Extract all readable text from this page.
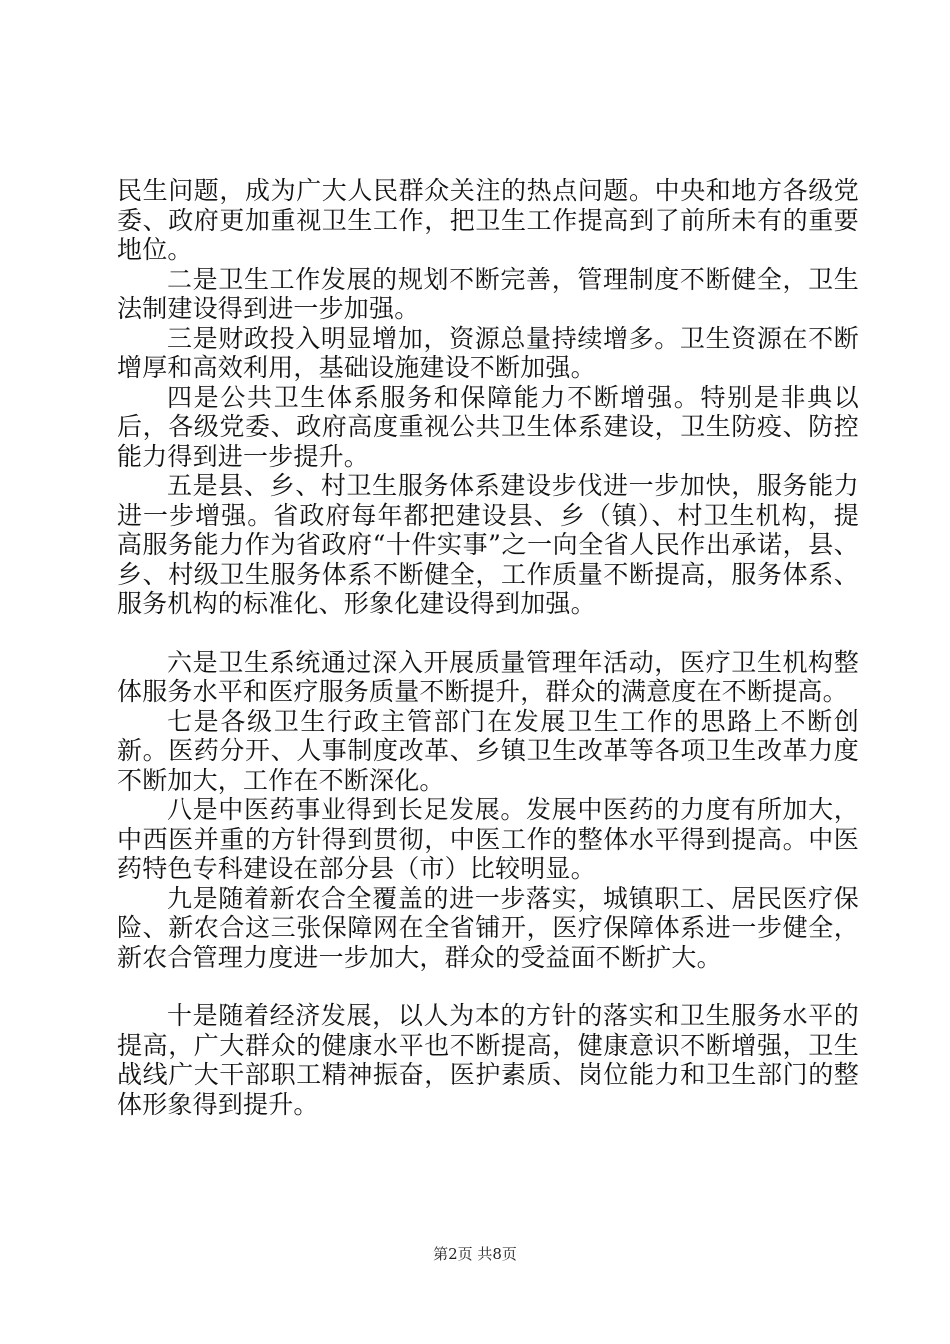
民生问题，成为广大人民群众关注的热点问题。中央和地方各级党委、政府更加重视卫生工作，把卫生工作提高到了前所未有的重要地位。

二是卫生工作发展的规划不断完善，管理制度不断健全，卫生法制建设得到进一步加强。

三是财政投入明显增加，资源总量持续增多。卫生资源在不断增厚和高效利用，基础设施建设不断加强。

四是公共卫生体系服务和保障能力不断增强。特别是非典以后，各级党委、政府高度重视公共卫生体系建设，卫生防疫、防控能力得到进一步提升。

五是县、乡、村卫生服务体系建设步伐进一步加快，服务能力进一步增强。省政府每年都把建设县、乡（镇）、村卫生机构，提高服务能力作为省政府“十件实事”之一向全省人民作出承诺，县、乡、村级卫生服务体系不断健全，工作质量不断提高，服务体系、服务机构的标准化、形象化建设得到加强。

六是卫生系统通过深入开展质量管理年活动，医疗卫生机构整体服务水平和医疗服务质量不断提升，群众的满意度在不断提高。

七是各级卫生行政主管部门在发展卫生工作的思路上不断创新。医药分开、人事制度改革、乡镇卫生改革等各项卫生改革力度不断加大，工作在不断深化。

八是中医药事业得到长足发展。发展中医药的力度有所加大，中西医并重的方针得到贯彻，中医工作的整体水平得到提高。中医药特色专科建设在部分县（市）比较明显。

九是随着新农合全覆盖的进一步落实，城镇职工、居民医疗保险、新农合这三张保障网在全省铺开，医疗保障体系进一步健全，新农合管理力度进一步加大，群众的受益面不断扩大。

十是随着经济发展，以人为本的方针的落实和卫生服务水平的提高，广大群众的健康水平也不断提高，健康意识不断增强，卫生战线广大干部职工精神振奋，医护素质、岗位能力和卫生部门的整体形象得到提升。

第2页 共8页
